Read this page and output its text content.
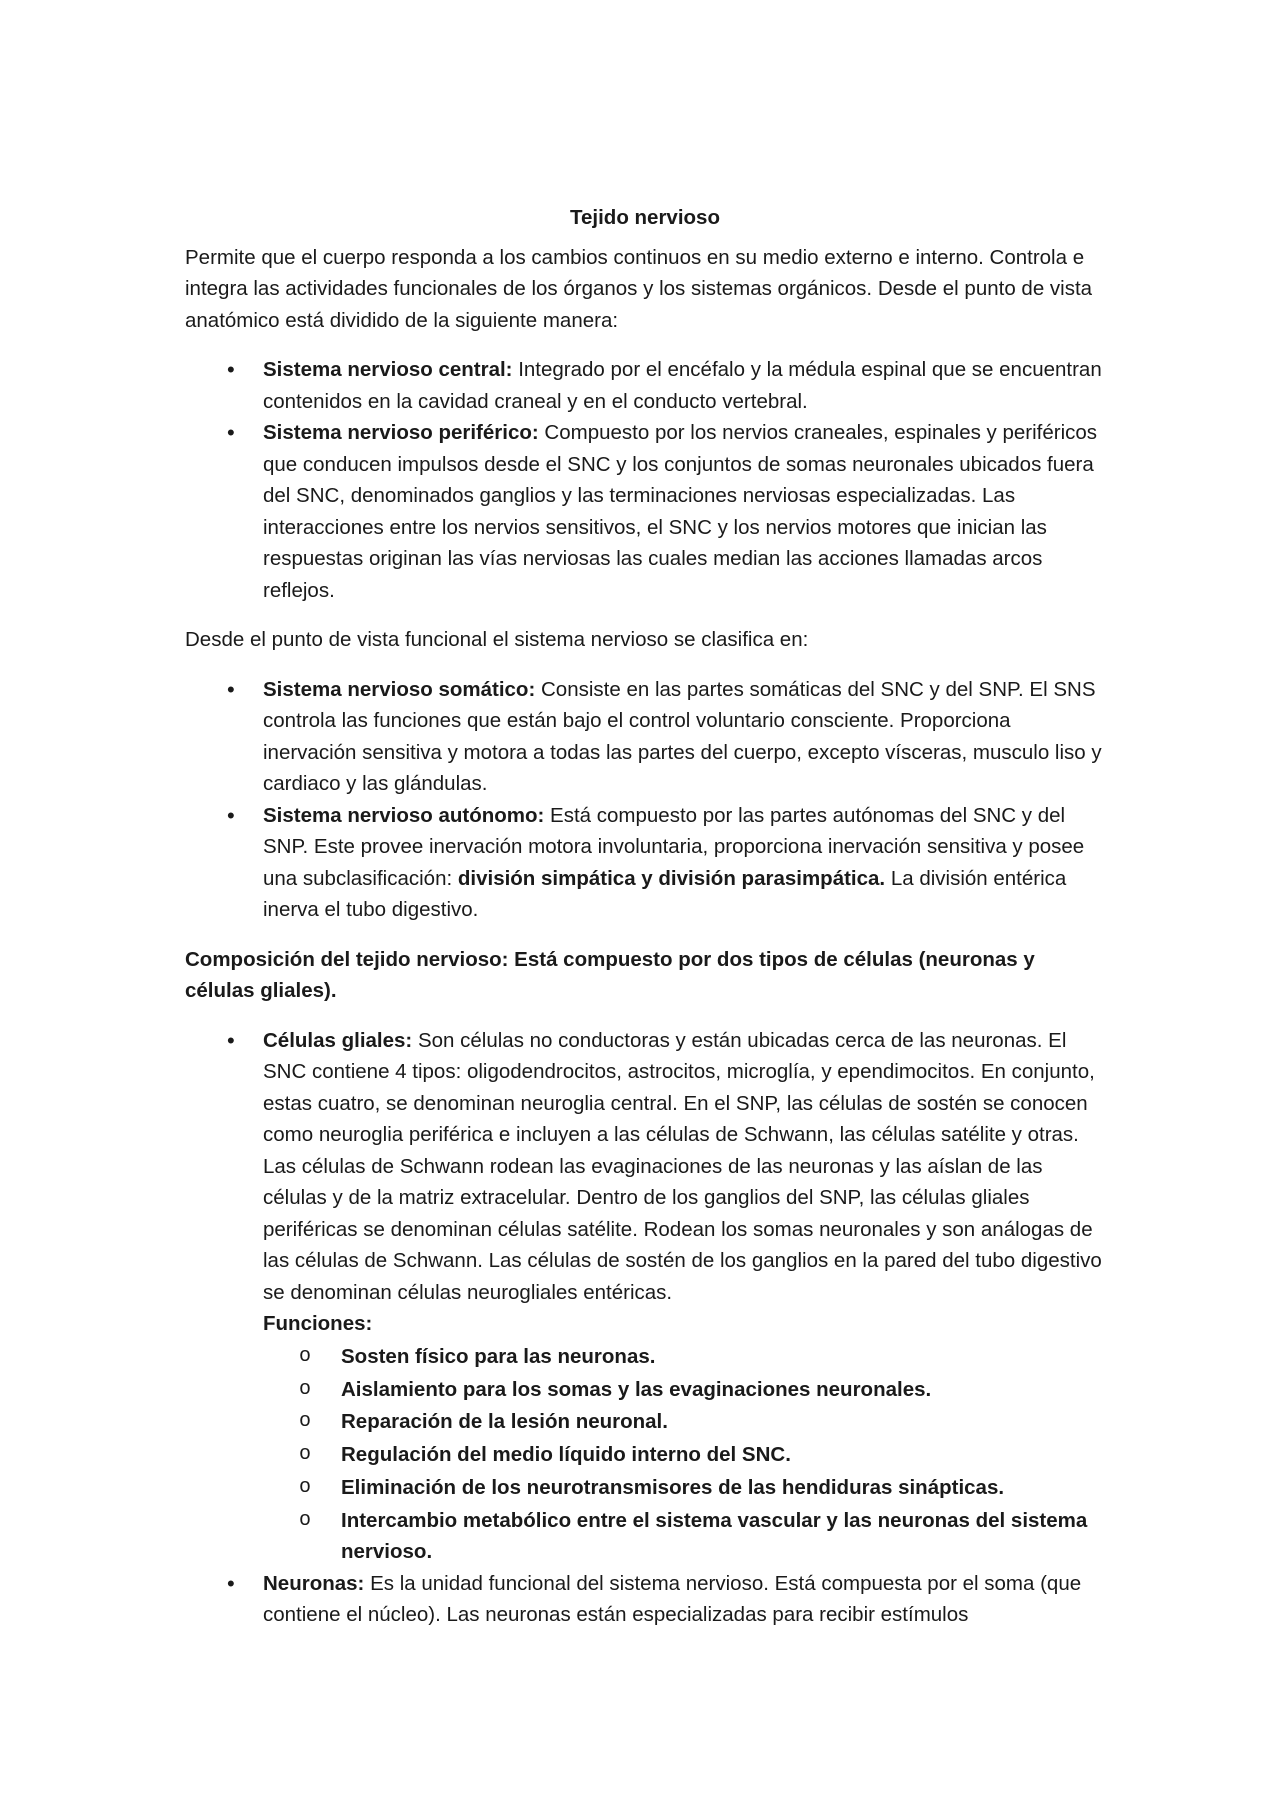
Tejido nervioso

Permite que el cuerpo responda a los cambios continuos en su medio externo e interno. Controla e integra las actividades funcionales de los órganos y los sistemas orgánicos. Desde el punto de vista anatómico está dividido de la siguiente manera:

• Sistema nervioso central: Integrado por el encéfalo y la médula espinal que se encuentran contenidos en la cavidad craneal y en el conducto vertebral.
• Sistema nervioso periférico: Compuesto por los nervios craneales, espinales y periféricos que conducen impulsos desde el SNC y los conjuntos de somas neuronales ubicados fuera del SNC, denominados ganglios y las terminaciones nerviosas especializadas. Las interacciones entre los nervios sensitivos, el SNC y los nervios motores que inician las respuestas originan las vías nerviosas las cuales median las acciones llamadas arcos reflejos.

Desde el punto de vista funcional el sistema nervioso se clasifica en:

• Sistema nervioso somático: Consiste en las partes somáticas del SNC y del SNP. El SNS controla las funciones que están bajo el control voluntario consciente. Proporciona inervación sensitiva y motora a todas las partes del cuerpo, excepto vísceras, musculo liso y cardiaco y las glándulas.
• Sistema nervioso autónomo: Está compuesto por las partes autónomas del SNC y del SNP. Este provee inervación motora involuntaria, proporciona inervación sensitiva y posee una subclasificación: división simpática y división parasimpática. La división entérica inerva el tubo digestivo.
Composición del tejido nervioso: Está compuesto por dos tipos de células (neuronas y células gliales).
• Células gliales: Son células no conductoras y están ubicadas cerca de las neuronas. El SNC contiene 4 tipos: oligodendrocitos, astrocitos, microglía, y ependimocitos. En conjunto, estas cuatro, se denominan neuroglia central. En el SNP, las células de sostén se conocen como neuroglia periférica e incluyen a las células de Schwann, las células satélite y otras.
Las células de Schwann rodean las evaginaciones de las neuronas y las aíslan de las células y de la matriz extracelular. Dentro de los ganglios del SNP, las células gliales periféricas se denominan células satélite. Rodean los somas neuronales y son análogas de las células de Schwann. Las células de sostén de los ganglios en la pared del tubo digestivo se denominan células neurogliales entéricas.
Funciones:
o Sosten físico para las neuronas.
o Aislamiento para los somas y las evaginaciones neuronales.
o Reparación de la lesión neuronal.
o Regulación del medio líquido interno del SNC.
o Eliminación de los neurotransmisores de las hendiduras sinápticas.
o Intercambio metabólico entre el sistema vascular y las neuronas del sistema nervioso.
• Neuronas: Es la unidad funcional del sistema nervioso. Está compuesta por el soma (que contiene el núcleo). Las neuronas están especializadas para recibir estímulos
